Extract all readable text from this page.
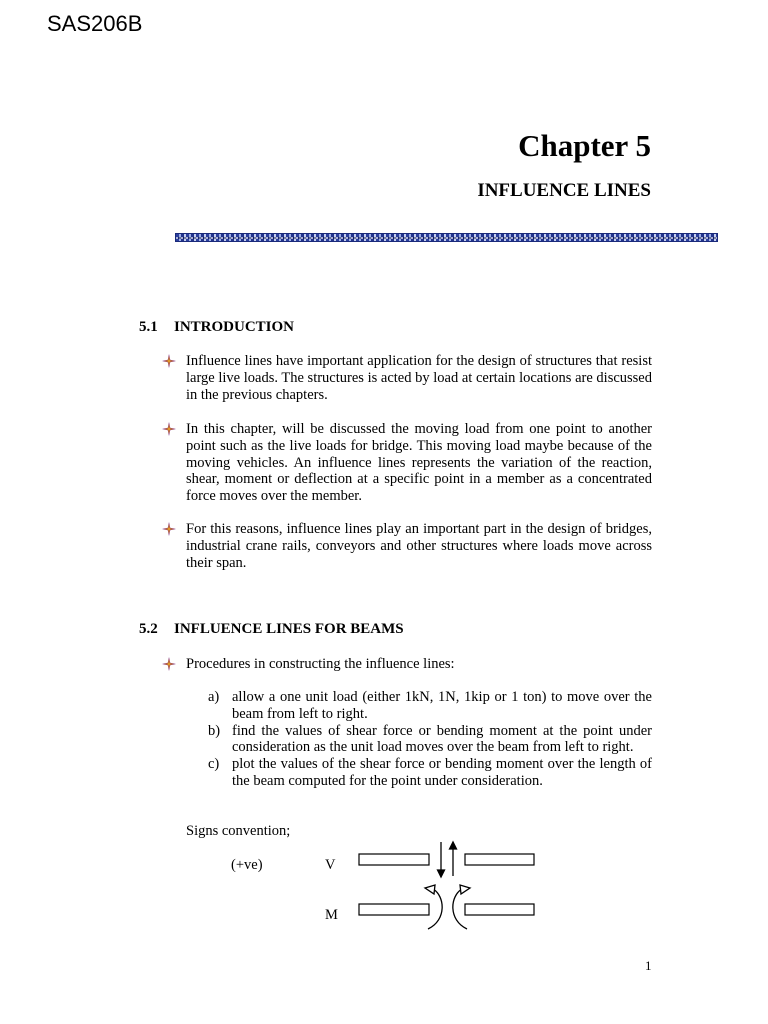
SAS206B
Chapter 5
INFLUENCE LINES
5.1 INTRODUCTION
Influence lines have important application for the design of structures that resist large live loads. The structures is acted by load at certain locations are discussed in the previous chapters.
In this chapter, will be discussed the moving load from one point to another point such as the live loads for bridge. This moving load maybe because of the moving vehicles. An influence lines represents the variation of the reaction, shear, moment or deflection at a specific point in a member as a concentrated force moves over the member.
For this reasons, influence lines play an important part in the design of bridges, industrial crane rails, conveyors and other structures where loads move across their span.
5.2 INFLUENCE LINES FOR BEAMS
Procedures in constructing the influence lines:
a) allow a one unit load (either 1kN, 1N, 1kip or 1 ton) to move over the beam from left to right.
b) find the values of shear force or bending moment at the point under consideration as the unit load moves over the beam from left to right.
c) plot the values of the shear force or bending moment over the length of the beam computed for the point under consideration.
Signs convention;
(+ve)	V
M
1
